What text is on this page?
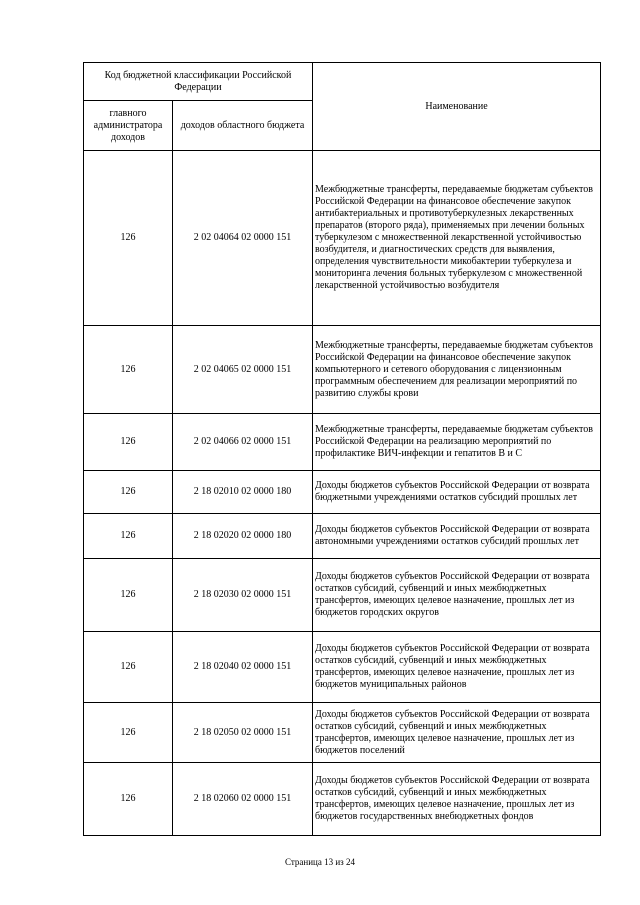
Код бюджетной классификации Российской Федерации		Наименование
главного администратора доходов	доходов областного бюджета	
126	2 02 04064 02 0000 151	Межбюджетные трансферты, передаваемые бюджетам субъектов Российской Федерации на финансовое обеспечение закупок антибактериальных и противотуберкулезных лекарственных препаратов (второго ряда), применяемых при лечении больных туберкулезом с множественной лекарственной устойчивостью возбудителя, и диагностических средств для выявления, определения чувствительности микобактерии туберкулеза и мониторинга лечения больных туберкулезом с множественной лекарственной устойчивостью возбудителя
126	2 02 04065 02 0000 151	Межбюджетные трансферты, передаваемые бюджетам субъектов Российской Федерации на финансовое обеспечение закупок компьютерного и сетевого оборудования с лицензионным программным обеспечением для реализации мероприятий по развитию службы крови
126	2 02 04066 02 0000 151	Межбюджетные трансферты, передаваемые бюджетам субъектов Российской Федерации на реализацию мероприятий по профилактике ВИЧ-инфекции и гепатитов В и С
126	2 18 02010 02 0000 180	Доходы бюджетов субъектов Российской Федерации от возврата бюджетными учреждениями остатков субсидий прошлых лет
126	2 18 02020 02 0000 180	Доходы бюджетов субъектов Российской Федерации от возврата автономными учреждениями остатков субсидий прошлых лет
126	2 18 02030 02 0000 151	Доходы бюджетов субъектов Российской Федерации от возврата остатков субсидий, субвенций и иных межбюджетных трансфертов, имеющих целевое назначение, прошлых лет из бюджетов городских округов
126	2 18 02040 02 0000 151	Доходы бюджетов субъектов Российской Федерации от возврата остатков субсидий, субвенций и иных межбюджетных трансфертов, имеющих целевое назначение, прошлых лет из бюджетов муниципальных районов
126	2 18 02050 02 0000 151	Доходы бюджетов субъектов Российской Федерации от возврата остатков субсидий, субвенций и иных межбюджетных трансфертов, имеющих целевое назначение, прошлых лет из бюджетов поселений
126	2 18 02060 02 0000 151	Доходы бюджетов субъектов Российской Федерации от возврата остатков субсидий, субвенций и иных межбюджетных трансфертов, имеющих целевое назначение, прошлых лет из бюджетов государственных внебюджетных фондов
Страница 13 из 24
